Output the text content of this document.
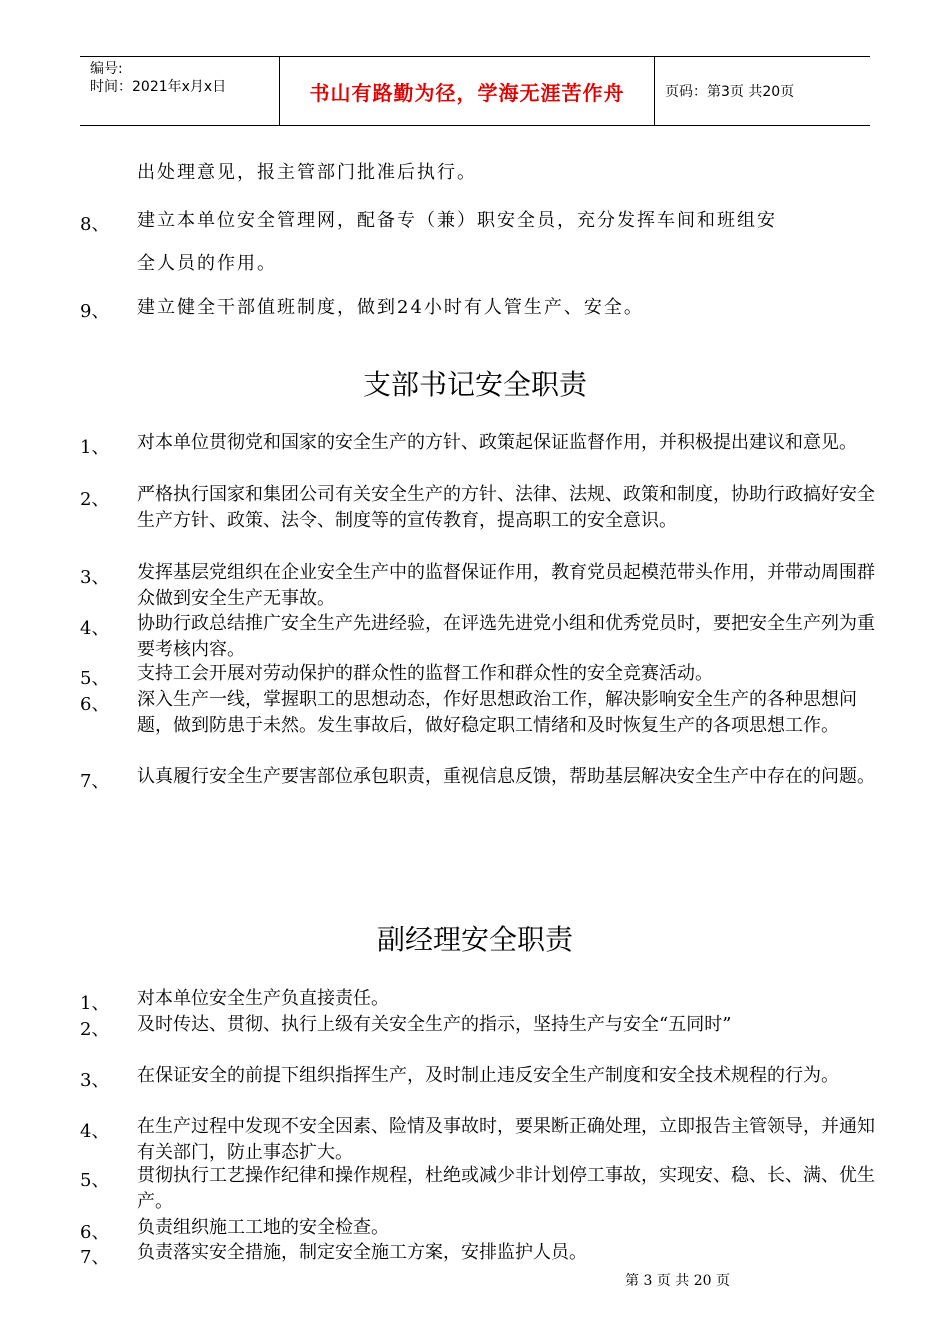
编号:
时间：2021年x月x日	书山有路勤为径，学海无涯苦作舟	页码：第3页 共20页
出处理意见，报主管部门批准后执行。
8、 建立本单位安全管理网，配备专（兼）职安全员，充分发挥车间和班组安
全人员的作用。
9、 建立健全干部值班制度，做到24小时有人管生产、安全。
支部书记安全职责
1、 对本单位贯彻党和国家的安全生产的方针、政策起保证监督作用，并积极提出建议和意见。
2、 严格执行国家和集团公司有关安全生产的方针、法律、法规、政策和制度，协助行政搞好安全生产方针、政策、法令、制度等的宣传教育，提高职工的安全意识。
3、 发挥基层党组织在企业安全生产中的监督保证作用，教育党员起模范带头作用，并带动周围群众做到安全生产无事故。
4、 协助行政总结推广安全生产先进经验，在评选先进党小组和优秀党员时，要把安全生产列为重要考核内容。
5、 支持工会开展对劳动保护的群众性的监督工作和群众性的安全竞赛活动。
6、 深入生产一线，掌握职工的思想动态，作好思想政治工作，解决影响安全生产的各种思想问题，做到防患于未然。发生事故后，做好稳定职工情绪和及时恢复生产的各项思想工作。
7、 认真履行安全生产要害部位承包职责，重视信息反馈，帮助基层解决安全生产中存在的问题。
副经理安全职责
1、 对本单位安全生产负直接责任。
2、 及时传达、贯彻、执行上级有关安全生产的指示，坚持生产与安全“五同时”
3、 在保证安全的前提下组织指挥生产，及时制止违反安全生产制度和安全技术规程的行为。
4、 在生产过程中发现不安全因素、险情及事故时，要果断正确处理，立即报告主管领导，并通知有关部门，防止事态扩大。
5、 贯彻执行工艺操作纪律和操作规程，杜绝或减少非计划停工事故，实现安、稳、长、满、优生产。
6、 负责组织施工工地的安全检查。
7、 负责落实安全措施，制定安全施工方案，安排监护人员。
第 3 页 共 20 页
